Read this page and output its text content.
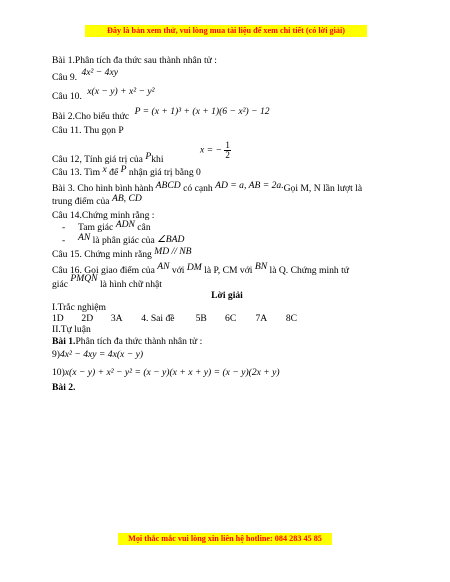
Đây là bản xem thử, vui lòng mua tài liệu để xem chi tiết (có lời giải)
Bài 1.Phân tích đa thức sau thành nhân tử :
Câu 9. 4x² − 4xy
Câu 10. x(x − y) + x² − y²
Bài 2.Cho biểu thức P = (x + 1)³ + (x + 1)(6 − x²) − 12
Câu 11. Thu gọn P
x = − $\frac{1}{2}$
Câu 12, Tính giá trị của Pkhi
Câu 13. Tìm x để P nhận giá trị bằng 0
Bài 3. Cho hình bình hành ABCD có cạnh AD = a, AB = 2a.Gọi M, N lần lượt là
trung điểm của AB, CD
Câu 14.Chứng minh rằng :
- Tam giác ADN cân
- AN là phân giác của ∠BAD
Câu 15. Chứng minh rằng MD // NB
Câu 16. Gọi giao điểm của AN với DM là P, CM với BN là Q. Chứng minh tứ
giác PMQN là hình chữ nhật
Lời giải
I.Trắc nghiệm
1D 2D 3A 4. Sai đề 5B 6C 7A 8C
II.Tự luận
Bài 1.Phân tích đa thức thành nhân tử :
9)4x² − 4xy = 4x(x − y)
10)x(x − y) + x² − y² = (x − y)(x + x + y) = (x − y)(2x + y)
Bài 2.
Mọi thắc mắc vui lòng xin liên hệ hotline: 084 283 45 85
